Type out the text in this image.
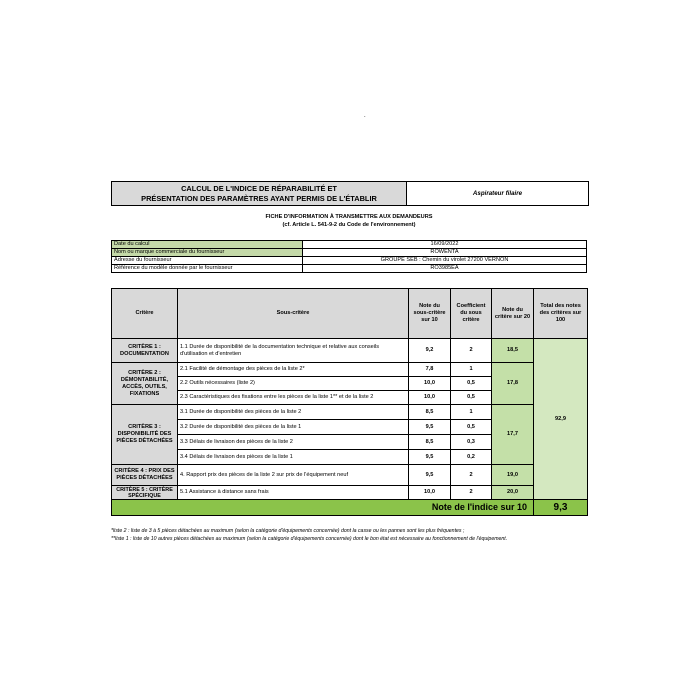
.
CALCUL DE L'INDICE DE RÉPARABILITÉ ET
PRÉSENTATION DES PARAMÈTRES AYANT PERMIS DE L'ÉTABLIR	Aspirateur filaire
FICHE D'INFORMATION À TRANSMETTRE AUX DEMANDEURS
(cf. Article L. 541-9-2 du Code de l'environnement)
Date du calcul	16/09/2022
Nom ou marque commerciale du fournisseur	ROWENTA
Adresse du fournisseur	GROUPE SEB : Chemin du virolet 27200 VERNON
Référence du modèle donnée par le fournisseur	RO3985EA
Critère	Sous-critère	Note du sous-critère sur 10	Coefficient du sous critère	Note du critère sur 20	Total des notes des critères sur 100
CRITÈRE 1 : DOCUMENTATION	1.1 Durée de disponibilité de la documentation technique et relative aux conseils d'utilisation et d'entretien	9,2	2	18,5	92,9
CRITÈRE 2 : DÉMONTABILITÉ, ACCÈS, OUTILS, FIXATIONS	2.1 Facilité de démontage des pièces de la liste 2*	7,8	1	17,8	
	2.2 Outils nécessaires (liste 2)	10,0	0,5		
	2.3 Caractéristiques des fixations entre les pièces de la liste 1** et de la liste 2	10,0	0,5		
CRITÈRE 3 : DISPONIBILITÉ DES PIÈCES DÉTACHÉES	3.1 Durée de disponibilité des pièces de la liste 2	8,5	1	17,7	
	3.2 Durée de disponibilité des pièces de la liste 1	9,5	0,5		
	3.3 Délais de livraison des pièces de la liste 2	8,5	0,3		
	3.4 Délais de livraison des pièces de la liste 1	9,5	0,2		
CRITÈRE 4 : PRIX DES PIÈCES DÉTACHÉES	4. Rapport prix des pièces de la liste 2 sur prix de l'équipement neuf	9,5	2	19,0	
CRITÈRE 5 : CRITÈRE SPÉCIFIQUE	5.1 Assistance à distance sans frais	10,0	2	20,0	
Note de l'indice sur 10					9,3
*liste 2 : liste de 3 à 5 pièces détachées au maximum (selon la catégorie d'équipements concernée) dont la casse ou les pannes sont les plus fréquentes ;
**liste 1 : liste de 10 autres pièces détachées au maximum (selon la catégorie d'équipements concernée) dont le bon état est nécessaire au fonctionnement de l'équipement.
